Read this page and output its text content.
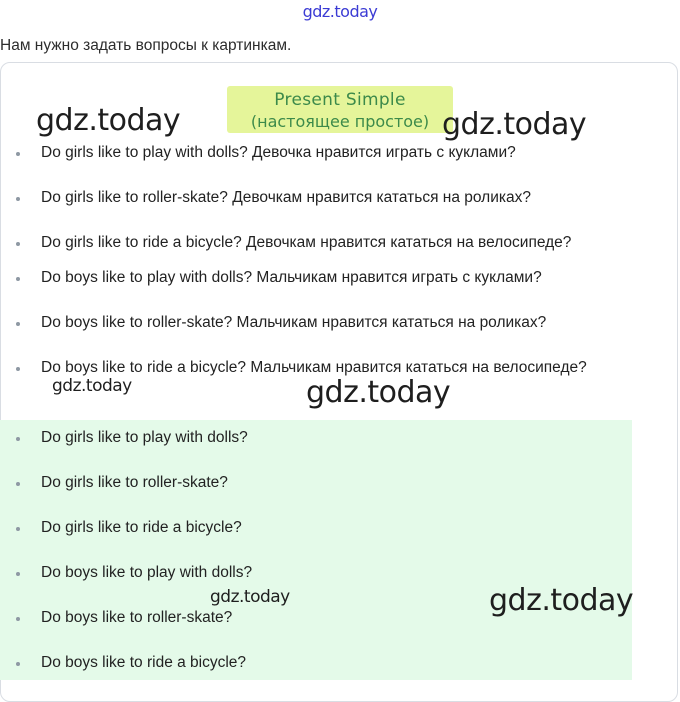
gdz.today
Нам нужно задать вопросы к картинкам.
Present Simple
(настоящее простое)
Do girls like to play with dolls? Девочка нравится играть с куклами?
Do girls like to roller-skate? Девочкам нравится кататься на роликах?
Do girls like to ride a bicycle? Девочкам нравится кататься на велосипеде?
Do boys like to play with dolls? Мальчикам нравится играть с куклами?
Do boys like to roller-skate? Мальчикам нравится кататься на роликах?
Do boys like to ride a bicycle? Мальчикам нравится кататься на велосипеде?
Do girls like to play with dolls?
Do girls like to roller-skate?
Do girls like to ride a bicycle?
Do boys like to play with dolls?
Do boys like to roller-skate?
Do boys like to ride a bicycle?
gdz.today	gdz.today
gdz.today	gdz.today
gdz.today	gdz.today
